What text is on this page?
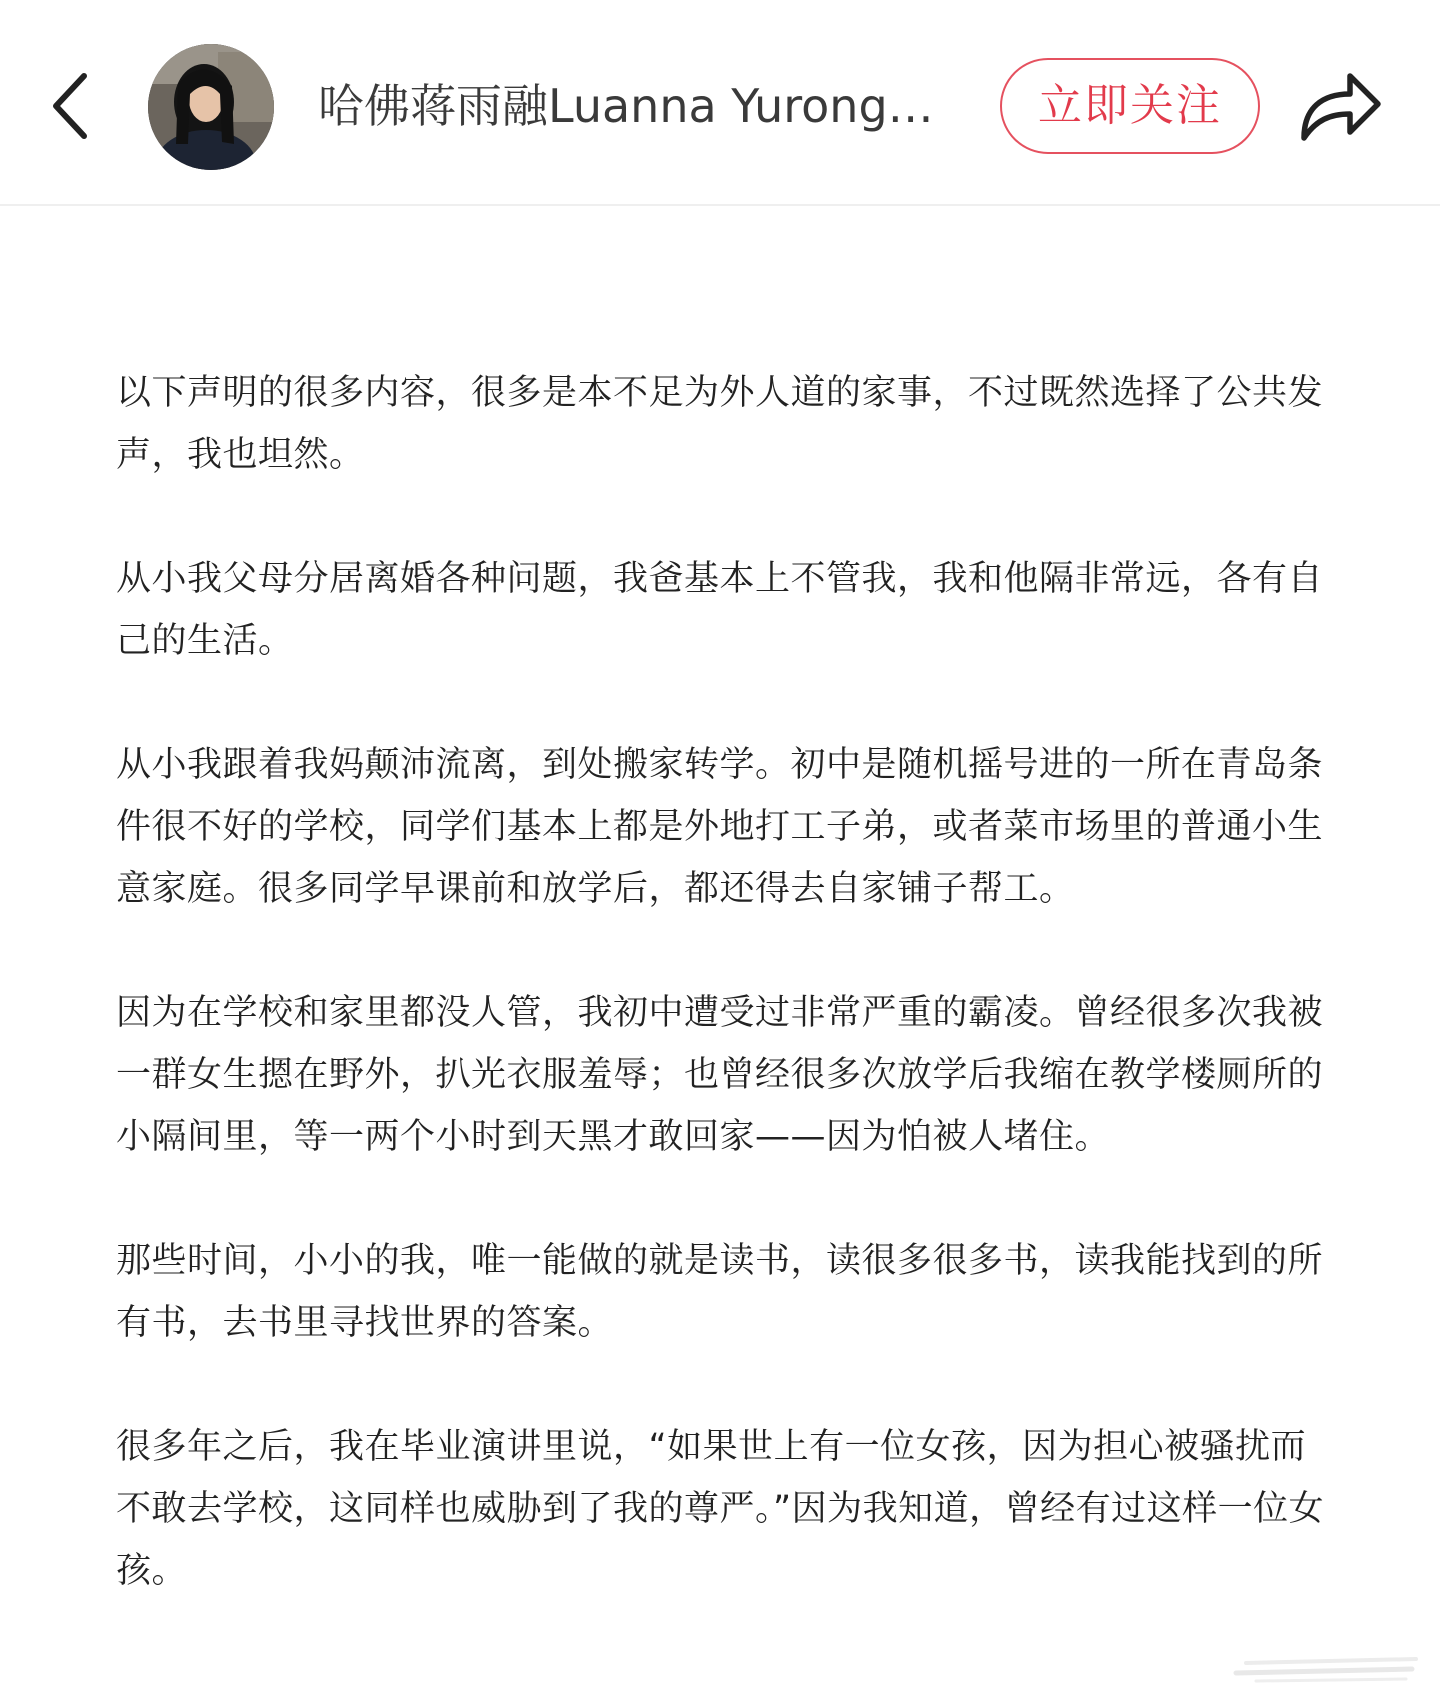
哈佛蒋雨融Luanna Yurong…	立即关注

以下声明的很多内容，很多是本不足为外人道的家事，不过既然选择了公共发声，我也坦然。

从小我父母分居离婚各种问题，我爸基本上不管我，我和他隔非常远，各有自己的生活。

从小我跟着我妈颠沛流离，到处搬家转学。初中是随机摇号进的一所在青岛条件很不好的学校，同学们基本上都是外地打工子弟，或者菜市场里的普通小生意家庭。很多同学早课前和放学后，都还得去自家铺子帮工。

因为在学校和家里都没人管，我初中遭受过非常严重的霸凌。曾经很多次我被一群女生摁在野外，扒光衣服羞辱；也曾经很多次放学后我缩在教学楼厕所的小隔间里，等一两个小时到天黑才敢回家——因为怕被人堵住。

那些时间，小小的我，唯一能做的就是读书，读很多很多书，读我能找到的所有书，去书里寻找世界的答案。

很多年之后，我在毕业演讲里说，“如果世上有一位女孩，因为担心被骚扰而不敢去学校，这同样也威胁到了我的尊严。”因为我知道，曾经有过这样一位女孩。
